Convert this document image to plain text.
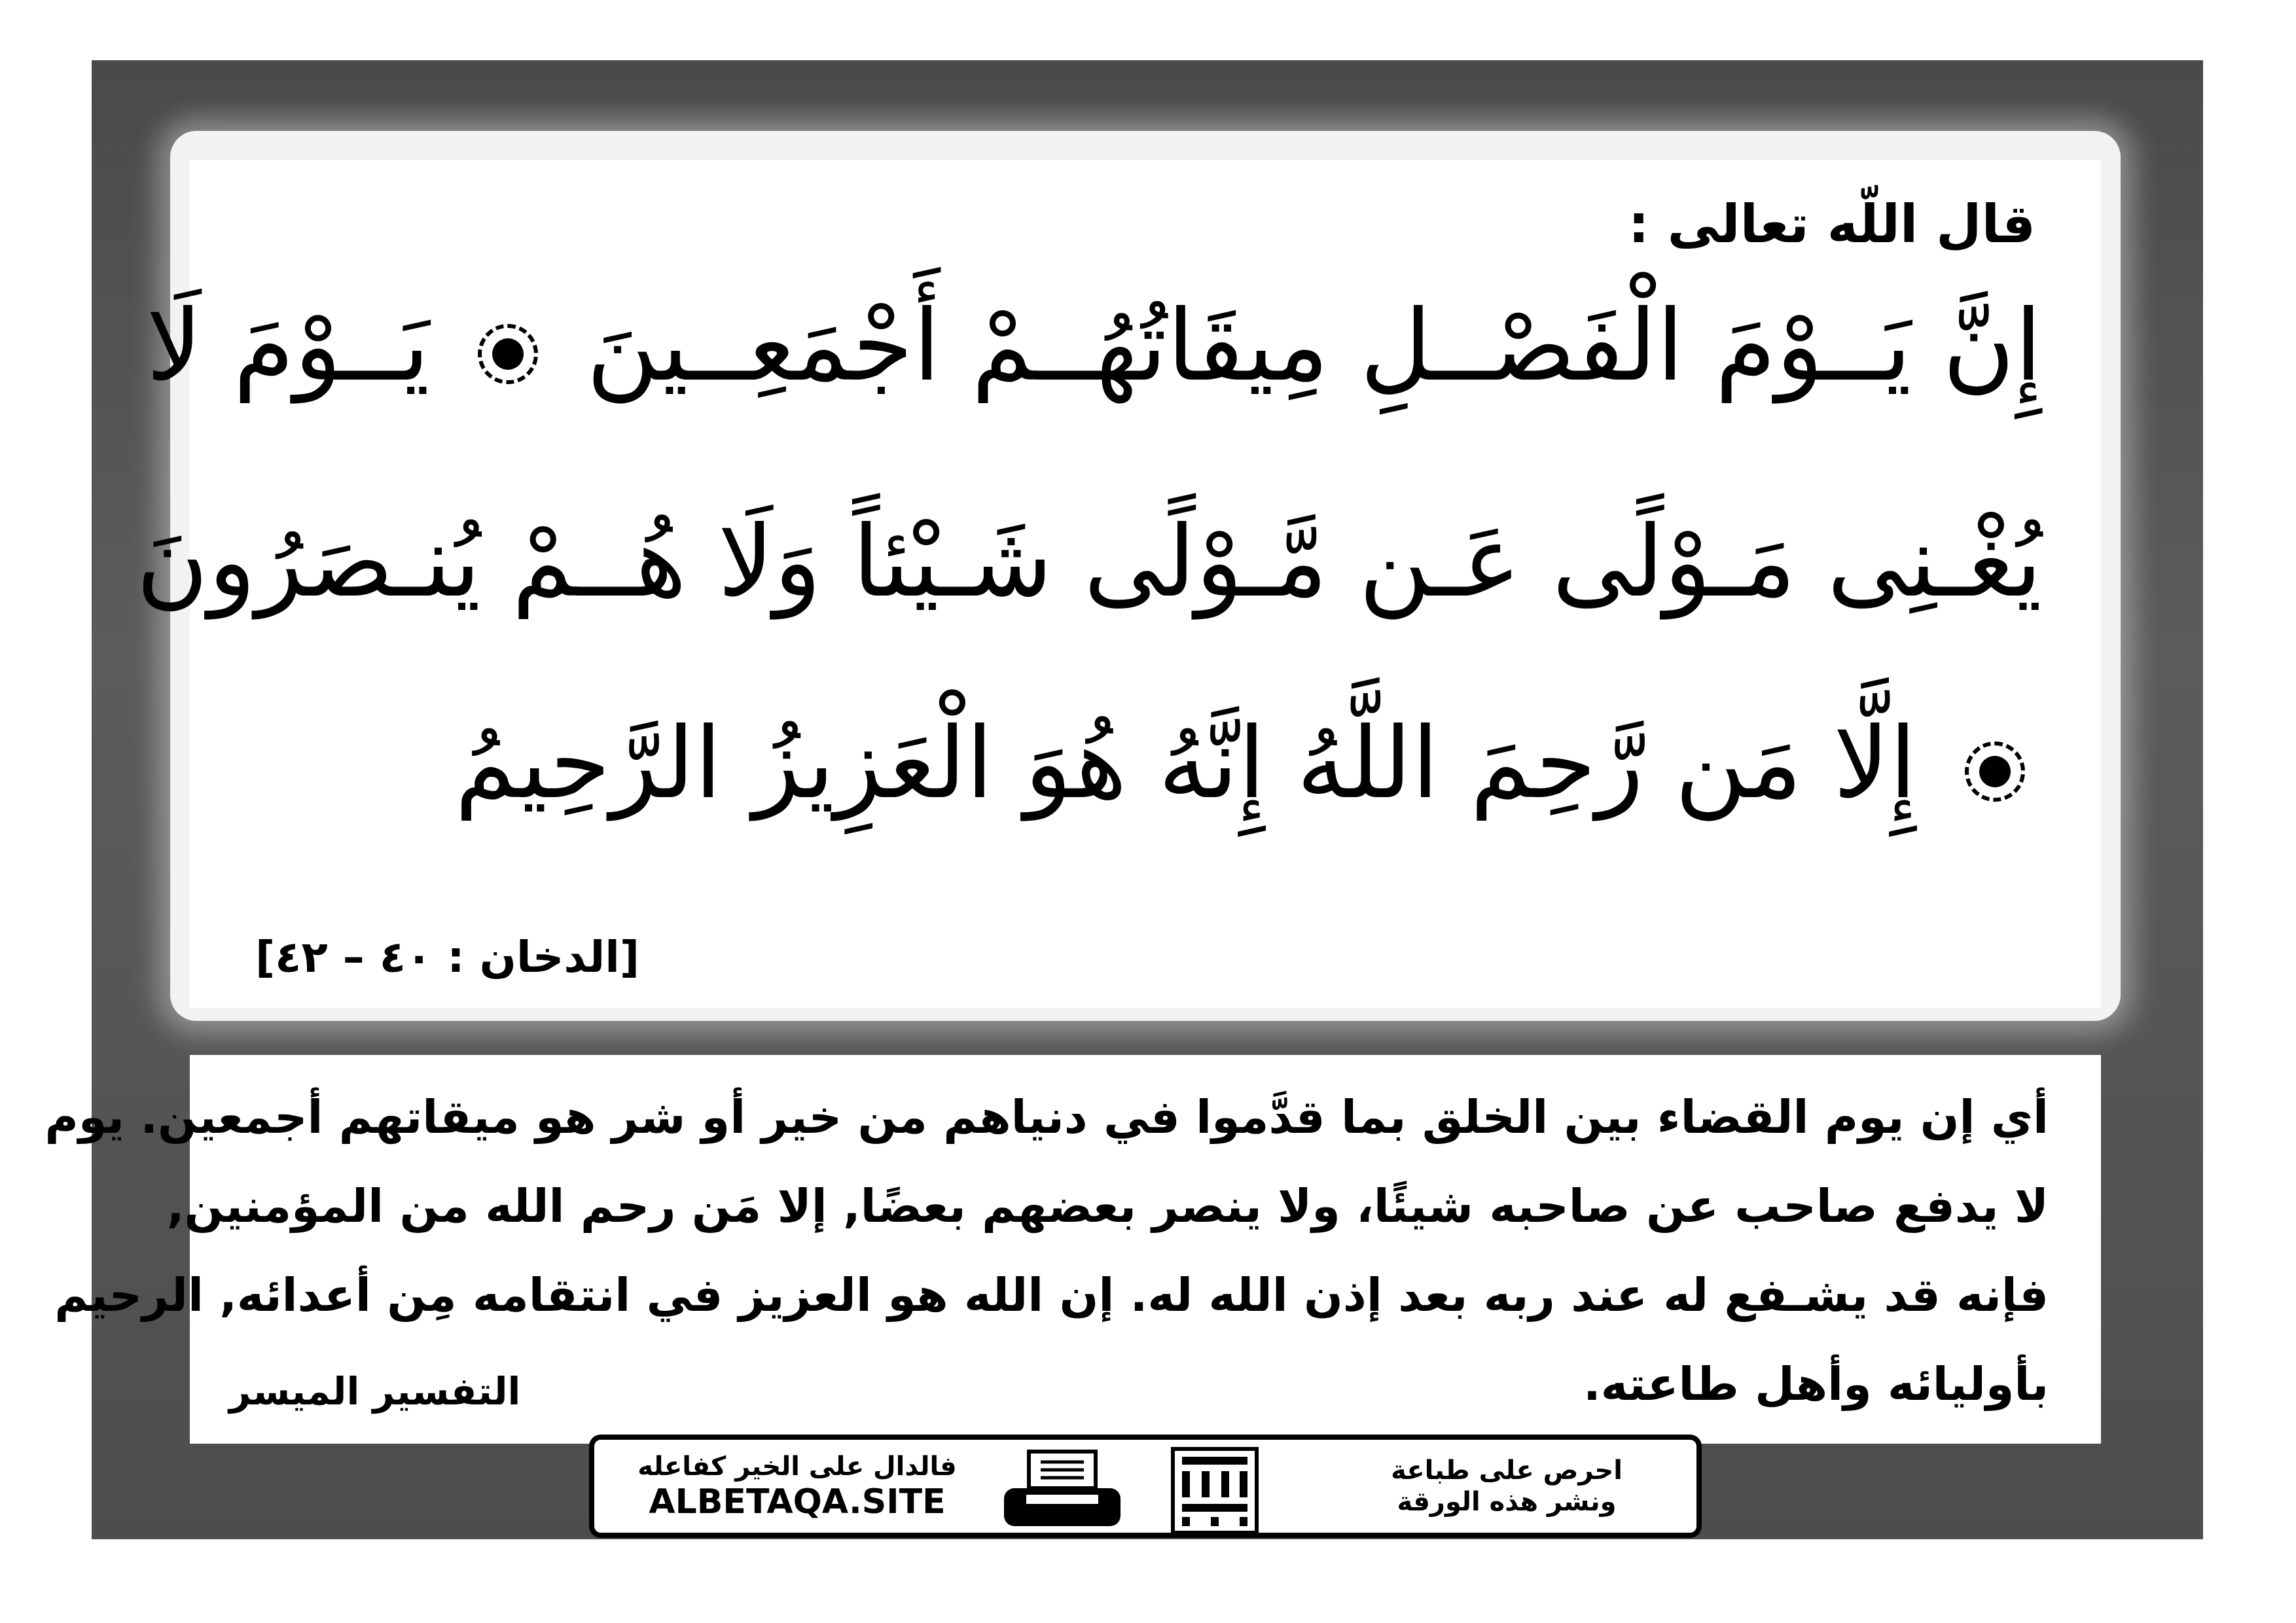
قال اللّه تعالى :
إِنَّ يَــوْمَ الْفَصْــلِ مِيقَاتُهُــمْ أَجْمَعِــينَ  يَــوْمَ لَا
يُغْـنِى مَـوْلًى عَـن مَّـوْلًى شَـيْئاً وَلَا هُــمْ يُنـصَرُونَ
إِلَّا مَن رَّحِمَ اللَّهُ إِنَّهُ هُوَ الْعَزِيزُ الرَّحِيمُ
[الدخان : ٤٠ – ٤٢]
أي إن يوم القضاء بين الخلق بما قدَّموا في دنياهم من خير أو شر هو ميقاتهم أجمعين. يوم
لا يدفع صاحب عن صاحبه شيئًا، ولا ينصر بعضهم بعضًا, إلا مَن رحم الله من المؤمنين,
فإنه قد يشـفع له عند ربه بعد إذن الله له. إن الله هو العزيز في انتقامه مِن أعدائه, الرحيم
بأوليائه وأهل طاعته.
التفسير الميسر
فالدال على الخير كفاعله
ALBETAQA.SITE
احرص على طباعة
ونشر هذه الورقة
